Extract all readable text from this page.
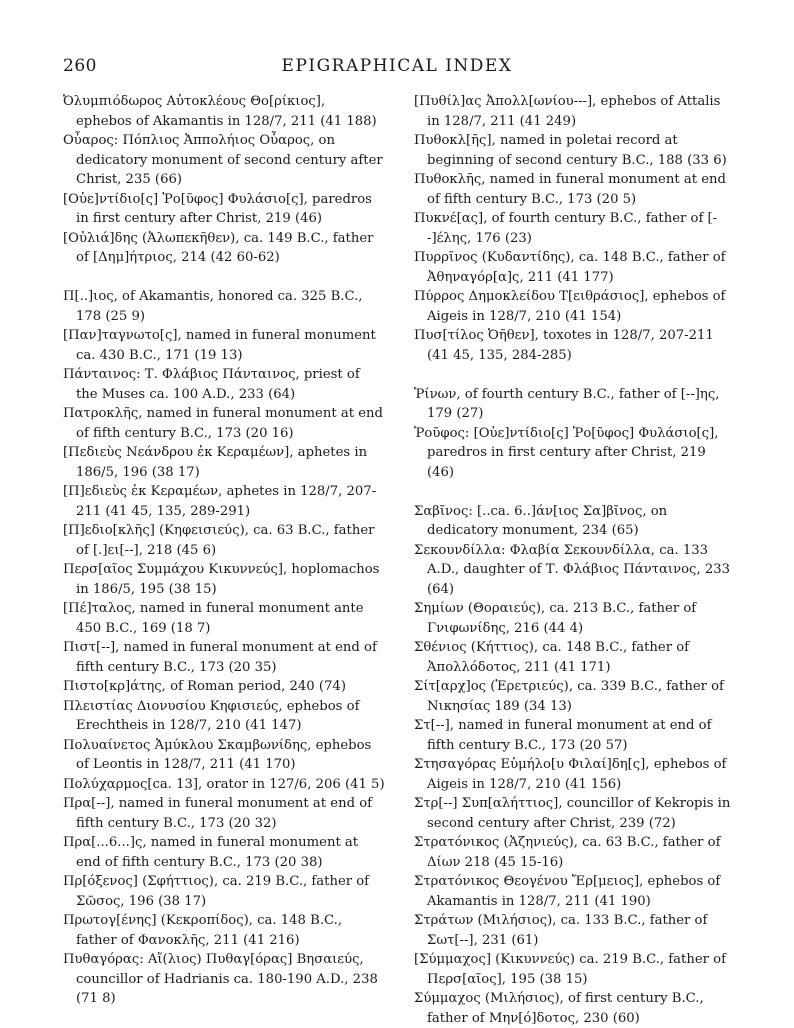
260	EPIGRAPHICAL INDEX
Ὀλυμπιόδωρος Αὐτοκλέους Θο[ρίκιος], ephebos of Akamantis in 128/7, 211 (41 188)
Οὖαρος: Πόπλιος Ἀππολήιος Οὖαρος, on dedicatory monument of second century after Christ, 235 (66)
[Οὐε]ντίδιο[ς] Ῥο[ῦφος] Φυλάσιο[ς], paredros in first century after Christ, 219 (46)
[Οὐλιά]δης (Ἀλωπεκῆθεν), ca. 149 B.C., father of [Δημ]ήτριος, 214 (42 60-62)
Π[..]ιος, of Akamantis, honored ca. 325 B.C., 178 (25 9)
[Παν]ταγνωτο[ς], named in funeral monument ca. 430 B.C., 171 (19 13)
Πάνταινος: Τ. Φλάβιος Πάνταινος, priest of the Muses ca. 100 A.D., 233 (64)
Πατροκλῆς, named in funeral monument at end of fifth century B.C., 173 (20 16)
[Πεδιεὺς Νεάνδρου ἐκ Κεραμέων], aphetes in 186/5, 196 (38 17)
[Π]εδιεὺς ἐκ Κεραμέων, aphetes in 128/7, 207-211 (41 45, 135, 289-291)
[Π]εδιο[κλῆς] (Κηφεισιεύς), ca. 63 B.C., father of [.]ει[--], 218 (45 6)
Περσ[αῖος Συμμάχου Κικυννεύς], hoplomachos in 186/5, 195 (38 15)
[Πέ]ταλος, named in funeral monument ante 450 B.C., 169 (18 7)
Πιστ[--], named in funeral monument at end of fifth century B.C., 173 (20 35)
Πιστο[κρ]άτης, of Roman period, 240 (74)
Πλειστίας Διονυσίου Κηφισιεύς, ephebos of Erechtheis in 128/7, 210 (41 147)
Πολυαίνετος Ἀμύκλου Σκαμβωνίδης, ephebos of Leontis in 128/7, 211 (41 170)
Πολύχαρμος[ca. 13], orator in 127/6, 206 (41 5)
Πρα[--], named in funeral monument at end of fifth century B.C., 173 (20 32)
Πρα[...6...]ς, named in funeral monument at end of fifth century B.C., 173 (20 38)
Πρ[όξενος] (Σφήττιος), ca. 219 B.C., father of Σῶσος, 196 (38 17)
Πρωτογ[ένης] (Κεκροπίδος), ca. 148 B.C., father of Φανοκλῆς, 211 (41 216)
Πυθαγόρας: Αἴ(λιος) Πυθαγ[όρας] Βησαιεύς, councillor of Hadrianis ca. 180-190 A.D., 238 (71 8)
[Πυθίλ]ας Ἀπολλ[ωνίου---], ephebos of Attalis in 128/7, 211 (41 249)
Πυθοκλ[ῆς], named in poletai record at beginning of second century B.C., 188 (33 6)
Πυθοκλῆς, named in funeral monument at end of fifth century B.C., 173 (20 5)
Πυκνέ[ας], of fourth century B.C., father of [--]έλης, 176 (23)
Πυρρῖνος (Κυδαντίδης), ca. 148 B.C., father of Ἀθηναγόρ[α]ς, 211 (41 177)
Πύρρος Δημοκλείδου Τ[ειθράσιος], ephebos of Aigeis in 128/7, 210 (41 154)
Πυσ[τίλος Ὀῆθεν], toxotes in 128/7, 207-211 (41 45, 135, 284-285)
Ῥίνων, of fourth century B.C., father of [--]ης, 179 (27)
Ῥοῦφος: [Οὐε]ντίδιο[ς] Ῥο[ῦφος] Φυλάσιο[ς], paredros in first century after Christ, 219 (46)
Σαβῖνος: [..ca. 6..]άν[ιος Σα]βῖνος, on dedicatory monument, 234 (65)
Σεκουνδίλλα: Φλαβία Σεκουνδίλλα, ca. 133 A.D., daughter of Τ. Φλάβιος Πάνταινος, 233 (64)
Σημίων (Θοραιεύς), ca. 213 B.C., father of Γνιφωνίδης, 216 (44 4)
Σθένιος (Κήττιος), ca. 148 B.C., father of Ἀπολλόδοτος, 211 (41 171)
Σίτ[αρχ]ος (Ἐρετριεύς), ca. 339 B.C., father of Νικησίας 189 (34 13)
Στ[--], named in funeral monument at end of fifth century B.C., 173 (20 57)
Στησαγόρας Εὐμήλο[υ Φιλαί]δη[ς], ephebos of Aigeis in 128/7, 210 (41 156)
Στρ[--] Συπ[αλήττιος], councillor of Kekropis in second century after Christ, 239 (72)
Στρατόνικος (Ἀζηνιεύς), ca. 63 B.C., father of Δίων 218 (45 15-16)
Στρατόνικος Θεογένου Ἔρ[μειος], ephebos of Akamantis in 128/7, 211 (41 190)
Στράτων (Μιλήσιος), ca. 133 B.C., father of Σωτ[--], 231 (61)
[Σύμμαχος] (Κικυννεύς) ca. 219 B.C., father of Περσ[αῖος], 195 (38 15)
Σύμμαχος (Μιλήσιος), of first century B.C., father of Μην[ό]δοτος, 230 (60)
